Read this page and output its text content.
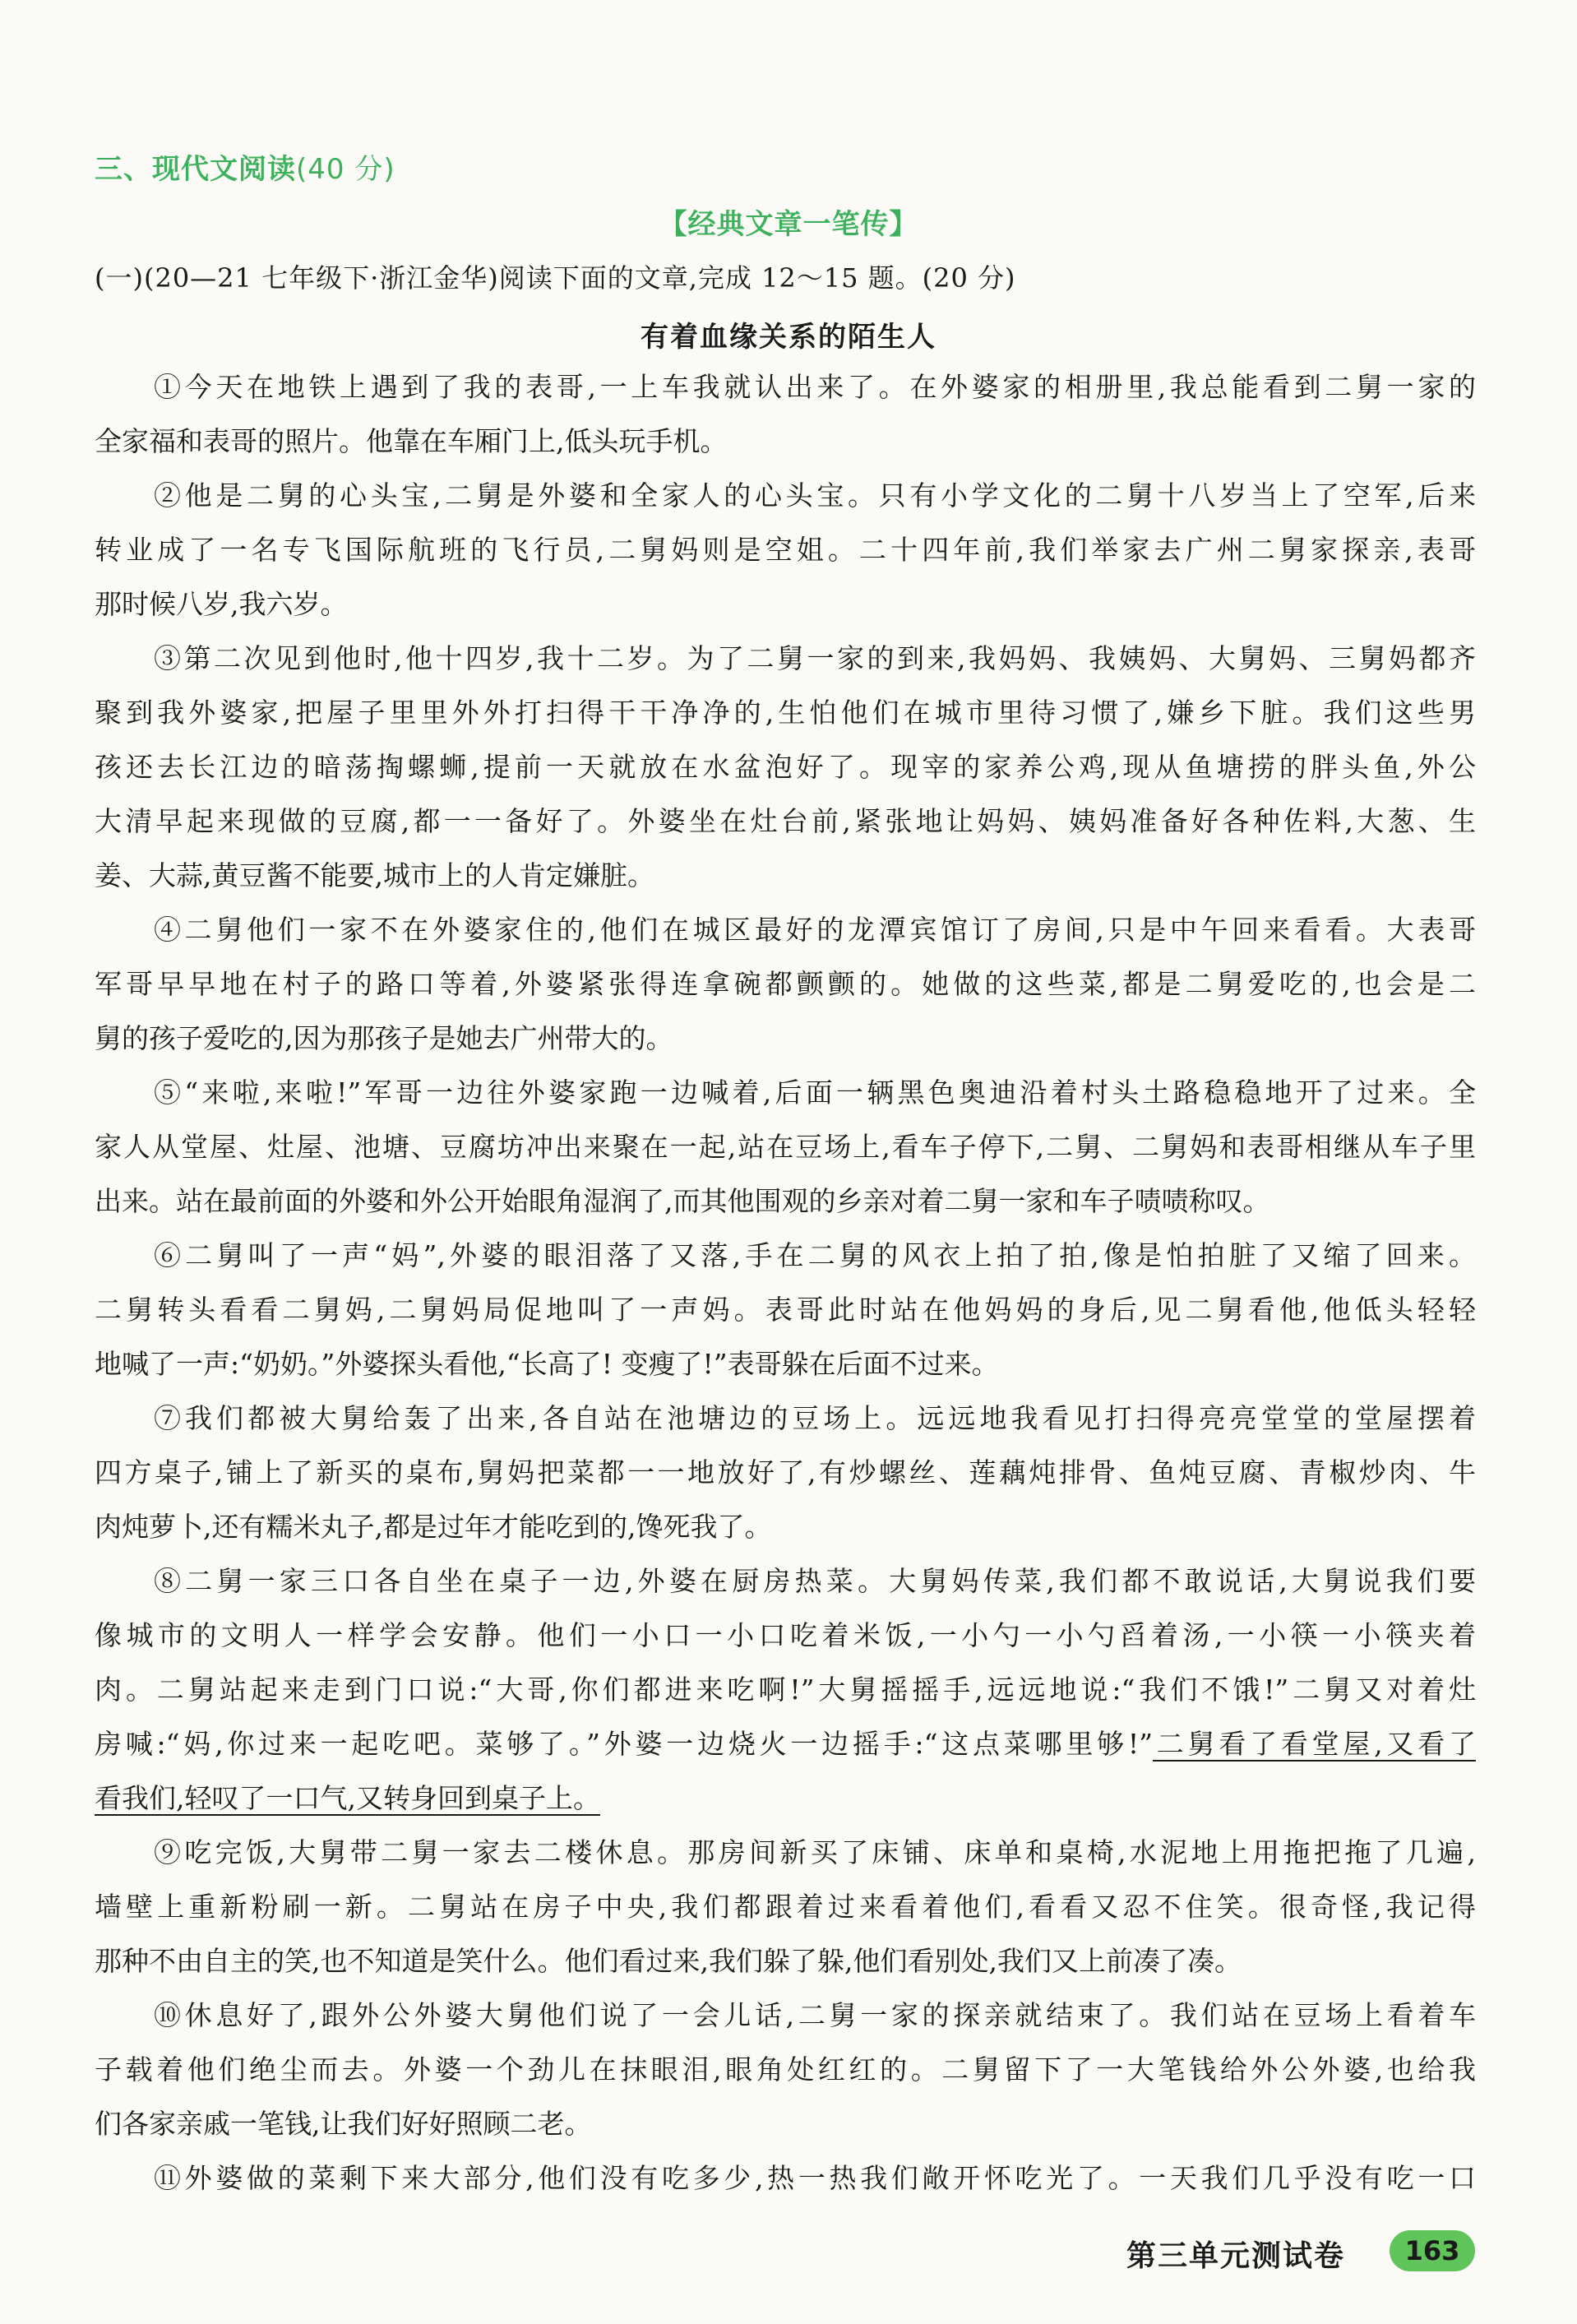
三、现代文阅读(40 分)
【经典文章一笔传】
(一)(20—21 七年级下·浙江金华)阅读下面的文章,完成 12～15 题。(20 分)
有着血缘关系的陌生人
①今天在地铁上遇到了我的表哥,一上车我就认出来了。在外婆家的相册里,我总能看到二舅一家的
全家福和表哥的照片。他靠在车厢门上,低头玩手机。
②他是二舅的心头宝,二舅是外婆和全家人的心头宝。只有小学文化的二舅十八岁当上了空军,后来
转业成了一名专飞国际航班的飞行员,二舅妈则是空姐。二十四年前,我们举家去广州二舅家探亲,表哥
那时候八岁,我六岁。
③第二次见到他时,他十四岁,我十二岁。为了二舅一家的到来,我妈妈、我姨妈、大舅妈、三舅妈都齐
聚到我外婆家,把屋子里里外外打扫得干干净净的,生怕他们在城市里待习惯了,嫌乡下脏。我们这些男
孩还去长江边的暗荡掏螺蛳,提前一天就放在水盆泡好了。现宰的家养公鸡,现从鱼塘捞的胖头鱼,外公
大清早起来现做的豆腐,都一一备好了。外婆坐在灶台前,紧张地让妈妈、姨妈准备好各种佐料,大葱、生
姜、大蒜,黄豆酱不能要,城市上的人肯定嫌脏。
④二舅他们一家不在外婆家住的,他们在城区最好的龙潭宾馆订了房间,只是中午回来看看。大表哥
军哥早早地在村子的路口等着,外婆紧张得连拿碗都颤颤的。她做的这些菜,都是二舅爱吃的,也会是二
舅的孩子爱吃的,因为那孩子是她去广州带大的。
⑤“来啦,来啦!”军哥一边往外婆家跑一边喊着,后面一辆黑色奥迪沿着村头土路稳稳地开了过来。全
家人从堂屋、灶屋、池塘、豆腐坊冲出来聚在一起,站在豆场上,看车子停下,二舅、二舅妈和表哥相继从车子里
出来。站在最前面的外婆和外公开始眼角湿润了,而其他围观的乡亲对着二舅一家和车子啧啧称叹。
⑥二舅叫了一声“妈”,外婆的眼泪落了又落,手在二舅的风衣上拍了拍,像是怕拍脏了又缩了回来。
二舅转头看看二舅妈,二舅妈局促地叫了一声妈。表哥此时站在他妈妈的身后,见二舅看他,他低头轻轻
地喊了一声:“奶奶。”外婆探头看他,“长高了! 变瘦了!”表哥躲在后面不过来。
⑦我们都被大舅给轰了出来,各自站在池塘边的豆场上。远远地我看见打扫得亮亮堂堂的堂屋摆着
四方桌子,铺上了新买的桌布,舅妈把菜都一一地放好了,有炒螺丝、莲藕炖排骨、鱼炖豆腐、青椒炒肉、牛
肉炖萝卜,还有糯米丸子,都是过年才能吃到的,馋死我了。
⑧二舅一家三口各自坐在桌子一边,外婆在厨房热菜。大舅妈传菜,我们都不敢说话,大舅说我们要
像城市的文明人一样学会安静。他们一小口一小口吃着米饭,一小勺一小勺舀着汤,一小筷一小筷夹着
肉。二舅站起来走到门口说:“大哥,你们都进来吃啊!”大舅摇摇手,远远地说:“我们不饿!”二舅又对着灶
房喊:“妈,你过来一起吃吧。菜够了。”外婆一边烧火一边摇手:“这点菜哪里够!”二舅看了看堂屋,又看了
看我们,轻叹了一口气,又转身回到桌子上。
⑨吃完饭,大舅带二舅一家去二楼休息。那房间新买了床铺、床单和桌椅,水泥地上用拖把拖了几遍,
墙壁上重新粉刷一新。二舅站在房子中央,我们都跟着过来看着他们,看看又忍不住笑。很奇怪,我记得
那种不由自主的笑,也不知道是笑什么。他们看过来,我们躲了躲,他们看别处,我们又上前凑了凑。
⑩休息好了,跟外公外婆大舅他们说了一会儿话,二舅一家的探亲就结束了。我们站在豆场上看着车
子载着他们绝尘而去。外婆一个劲儿在抹眼泪,眼角处红红的。二舅留下了一大笔钱给外公外婆,也给我
们各家亲戚一笔钱,让我们好好照顾二老。
⑪外婆做的菜剩下来大部分,他们没有吃多少,热一热我们敞开怀吃光了。一天我们几乎没有吃一口
第三单元测试卷	163
